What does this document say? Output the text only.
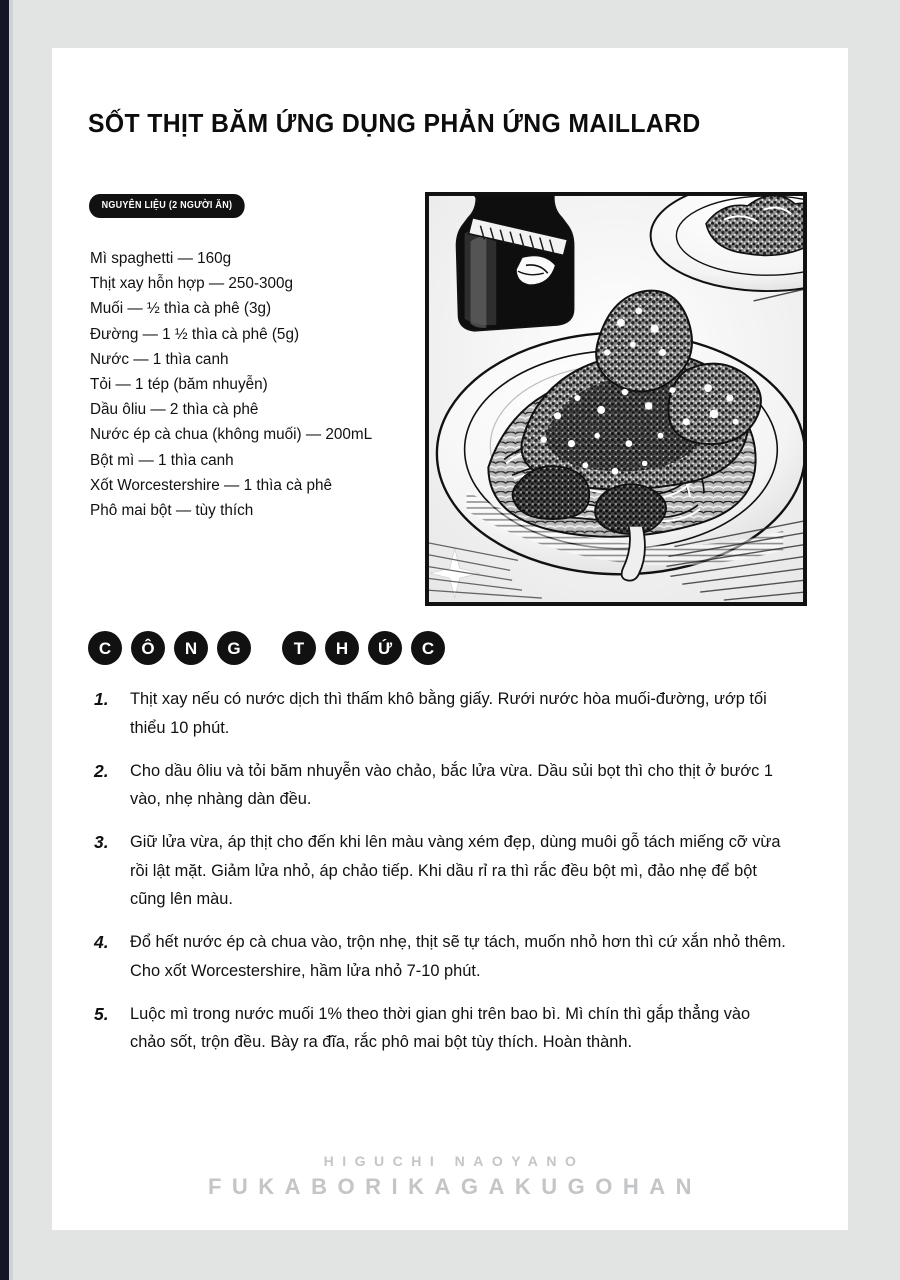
SỐT THỊT BĂM ỨNG DỤNG PHẢN ỨNG MAILLARD
NGUYÊN LIỆU (2 NGƯỜI ĂN)
Mì spaghetti — 160g
Thịt xay hỗn hợp — 250-300g
Muối — ½ thìa cà phê (3g)
Đường — 1 ½ thìa cà phê (5g)
Nước — 1 thìa canh
Tỏi — 1 tép (băm nhuyễn)
Dầu ôliu — 2 thìa cà phê
Nước ép cà chua (không muối) — 200mL
Bột mì — 1 thìa canh
Xốt Worcestershire — 1 thìa cà phê
Phô mai bột — tùy thích
C	Ô	N	G	T	H	Ứ	C
1.	Thịt xay nếu có nước dịch thì thấm khô bằng giấy. Rưới nước hòa muối-đường, ướp tối thiểu 10 phút.
2.	Cho dầu ôliu và tỏi băm nhuyễn vào chảo, bắc lửa vừa. Dầu sủi bọt thì cho thịt ở bước 1 vào, nhẹ nhàng dàn đều.
3.	Giữ lửa vừa, áp thịt cho đến khi lên màu vàng xém đẹp, dùng muôi gỗ tách miếng cỡ vừa rồi lật mặt. Giảm lửa nhỏ, áp chảo tiếp. Khi dầu rỉ ra thì rắc đều bột mì, đảo nhẹ để bột cũng lên màu.
4.	Đổ hết nước ép cà chua vào, trộn nhẹ, thịt sẽ tự tách, muốn nhỏ hơn thì cứ xắn nhỏ thêm. Cho xốt Worcestershire, hầm lửa nhỏ 7-10 phút.
5.	Luộc mì trong nước muối 1% theo thời gian ghi trên bao bì. Mì chín thì gắp thẳng vào chảo sốt, trộn đều. Bày ra đĩa, rắc phô mai bột tùy thích. Hoàn thành.
HIGUCHI NAOYANO
FUKABORIKAGAKUGOHAN
